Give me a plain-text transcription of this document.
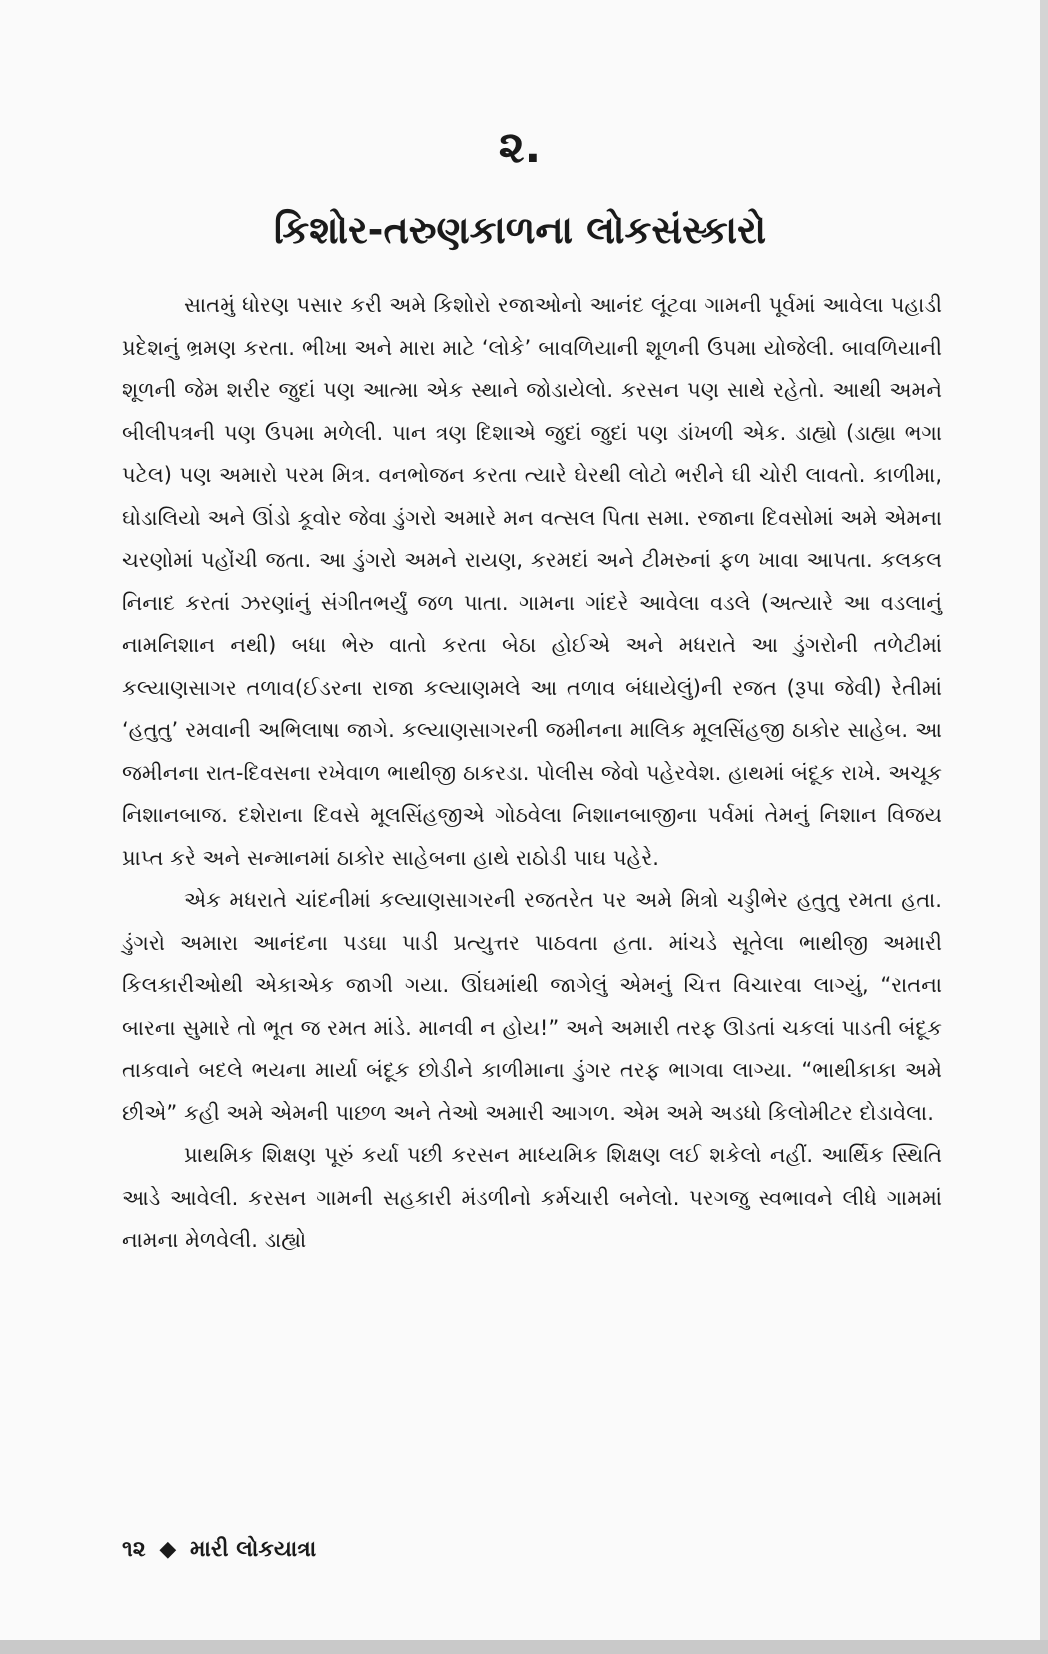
૨.
કિશોર-તરુણકાળના લોકસંસ્કારો

સાતમું ધોરણ પસાર કરી અમે કિશોરો રજાઓનો આનંદ લૂંટવા ગામની પૂર્વમાં આવેલા પહાડી પ્રદેશનું ભ્રમણ કરતા. ભીખા અને મારા માટે ‘લોકે’ બાવળિયાની શૂળની ઉપમા યોજેલી. બાવળિયાની શૂળની જેમ શરીર જુદાં પણ આત્મા એક સ્થાને જોડાયેલો. કરસન પણ સાથે રહેતો. આથી અમને બીલીપત્રની પણ ઉપમા મળેલી. પાન ત્રણ દિશાએ જુદાં જુદાં પણ ડાંખળી એક. ડાહ્યો (ડાહ્યા ભગા પટેલ) પણ અમારો પરમ મિત્ર. વનભોજન કરતા ત્યારે ઘેરથી લોટો ભરીને ઘી ચોરી લાવતો. કાળીમા, ઘોડાલિયો અને ઊંડો કૂવોર જેવા ડુંગરો અમારે મન વત્સલ પિતા સમા. રજાના દિવસોમાં અમે એમના ચરણોમાં પહોંચી જતા. આ ડુંગરો અમને રાયણ, કરમદાં અને ટીમરુનાં ફળ ખાવા આપતા. કલકલ નિનાદ કરતાં ઝરણાંનું સંગીતભર્યું જળ પાતા. ગામના ગાંદરે આવેલા વડલે (અત્યારે આ વડલાનું નામનિશાન નથી) બધા ભેરુ વાતો કરતા બેઠા હોઈએ અને મધરાતે આ ડુંગરોની તળેટીમાં કલ્યાણસાગર તળાવ(ઈડરના રાજા કલ્યાણમલે આ તળાવ બંધાયેલું)ની રજત (રૂપા જેવી) રેતીમાં ‘હતુતુ’ રમવાની અભિલાષા જાગે. કલ્યાણસાગરની જમીનના માલિક મૂલસિંહજી ઠાકોર સાહેબ. આ જમીનના રાત-દિવસના રખેવાળ ભાથીજી ઠાકરડા. પોલીસ જેવો પહેરવેશ. હાથમાં બંદૂક રાખે. અચૂક નિશાનબાજ. દશેરાના દિવસે મૂલસિંહજીએ ગોઠવેલા નિશાનબાજીના પર્વમાં તેમનું નિશાન વિજય પ્રાપ્ત કરે અને સન્માનમાં ઠાકોર સાહેબના હાથે રાઠોડી પાઘ પહેરે.

એક મધરાતે ચાંદનીમાં કલ્યાણસાગરની રજતરેત પર અમે મિત્રો ચડ્ડીભેર હતુતુ રમતા હતા. ડુંગરો અમારા આનંદના પડઘા પાડી પ્રત્યુત્તર પાઠવતા હતા. માંચડે સૂતેલા ભાથીજી અમારી કિલકારીઓથી એકાએક જાગી ગયા. ઊંઘમાંથી જાગેલું એમનું ચિત્ત વિચારવા લાગ્યું, “રાતના બારના સુમારે તો ભૂત જ રમત માંડે. માનવી ન હોય!” અને અમારી તરફ ઊડતાં ચકલાં પાડતી બંદૂક તાકવાને બદલે ભયના માર્યા બંદૂક છોડીને કાળીમાના ડુંગર તરફ ભાગવા લાગ્યા. “ભાથીકાકા અમે છીએ” કહી અમે એમની પાછળ અને તેઓ અમારી આગળ. એમ અમે અડધો કિલોમીટર દોડાવેલા.

પ્રાથમિક શિક્ષણ પૂરું કર્યા પછી કરસન માધ્યમિક શિક્ષણ લઈ શકેલો નહીં. આર્થિક સ્થિતિ આડે આવેલી. કરસન ગામની સહકારી મંડળીનો કર્મચારી બનેલો. પરગજુ સ્વભાવને લીધે ગામમાં નામના મેળવેલી. ડાહ્યો

૧૨ ◆ મારી લોકયાત્રા
